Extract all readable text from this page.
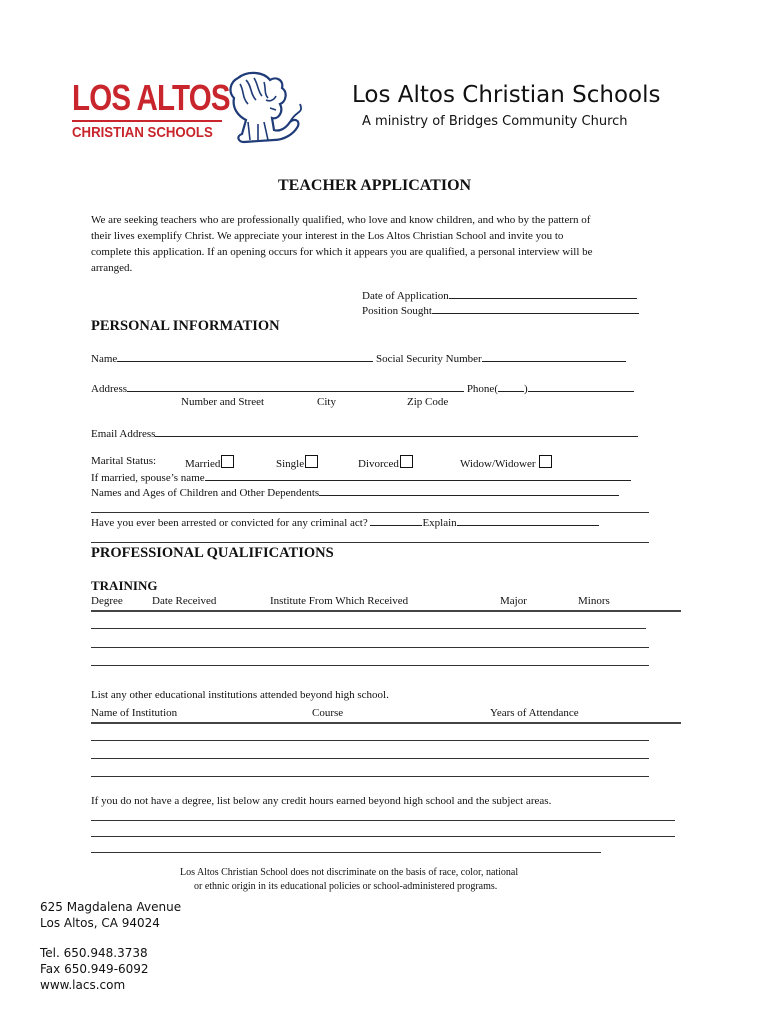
LOS ALTOS
CHRISTIAN SCHOOLS
Los Altos Christian Schools
A ministry of Bridges Community Church
TEACHER APPLICATION
We are seeking teachers who are professionally qualified, who love and know children, and who by the pattern of
their lives exemplify Christ. We appreciate your interest in the Los Altos Christian School and invite you to
complete this application. If an opening occurs for which it appears you are qualified, a personal interview will be
arranged.
Date of Application
Position Sought
PERSONAL INFORMATION
Name	Social Security Number
Address	Phone( )
Number and Street	City	Zip Code
Email Address
Marital Status:	Married	Single	Divorced	Widow/Widower
If married, spouse’s name
Names and Ages of Children and Other Dependents
Have you ever been arrested or convicted for any criminal act?	Explain
PROFESSIONAL QUALIFICATIONS
TRAINING
Degree	Date Received	Institute From Which Received	Major	Minors
List any other educational institutions attended beyond high school.
Name of Institution	Course	Years of Attendance
If you do not have a degree, list below any credit hours earned beyond high school and the subject areas.
Los Altos Christian School does not discriminate on the basis of race, color, national
or ethnic origin in its educational policies or school-administered programs.
625 Magdalena Avenue
Los Altos, CA 94024
Tel. 650.948.3738
Fax 650.949-6092
www.lacs.com
